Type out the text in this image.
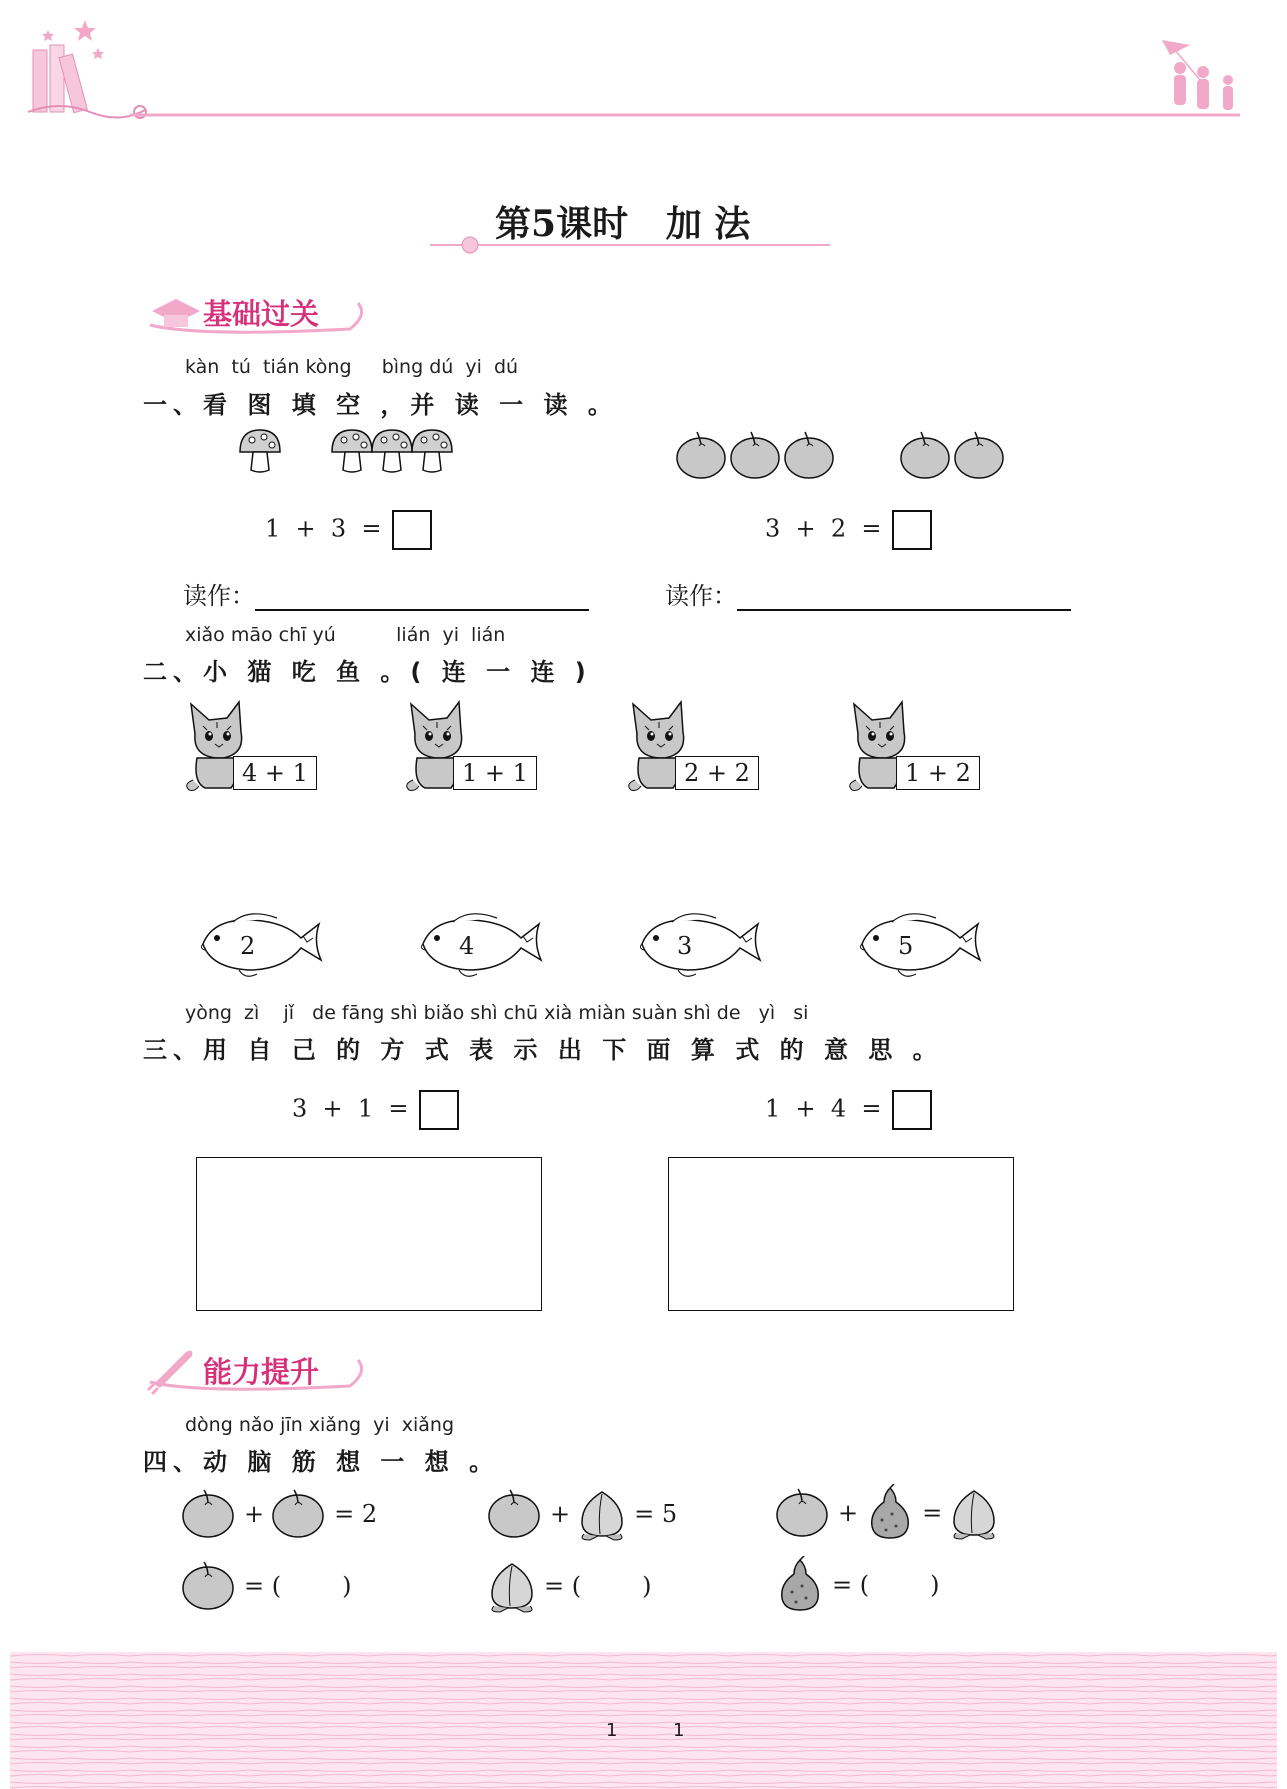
第5课时 加 法
基础过关
kàn  tú  tián kòng     bìng dú  yi  dú
一、看 图 填 空 ，并 读 一 读 。
1  +  3  =	3  +  2  =
读作：	读作：
xiǎo māo chī yú          lián  yi  lián
二、小 猫 吃 鱼 。( 连 一 连 )
4 + 1	1 + 1	2 + 2	1 + 2
2	4	3	5
yòng  zì    jǐ   de fāng shì biǎo shì chū xià miàn suàn shì de   yì   si
三、用 自 己 的 方 式 表 示 出 下 面 算 式 的 意 思 。
3  +  1  =	1  +  4  =
能力提升
dòng nǎo jīn xiǎng  yi  xiǎng
四、动 脑 筋 想 一 想 。
+	= 2	+	= 5	+	=
= (        )	= (        )	= (        )
1	1
